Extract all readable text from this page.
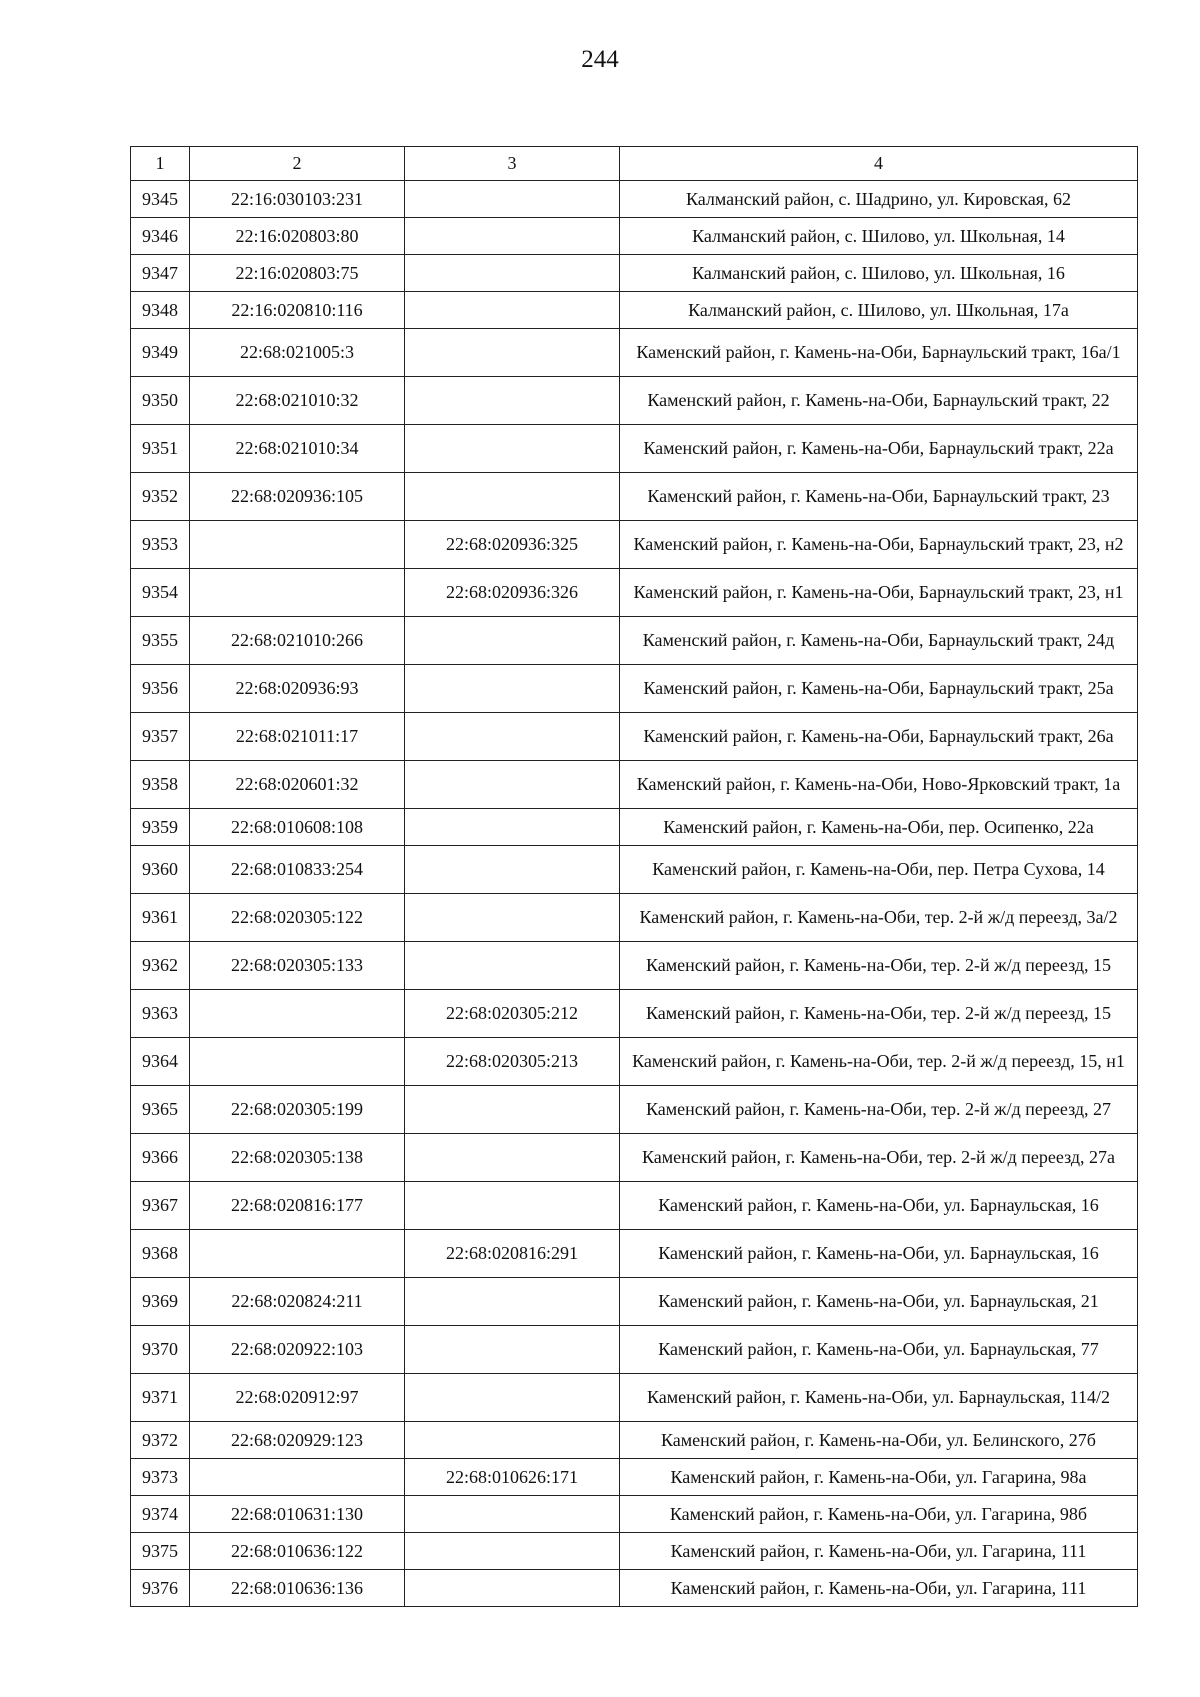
244
1	2	3	4
9345	22:16:030103:231		Калманский район, с. Шадрино, ул. Кировская, 62
9346	22:16:020803:80		Калманский район, с. Шилово, ул. Школьная, 14
9347	22:16:020803:75		Калманский район, с. Шилово, ул. Школьная, 16
9348	22:16:020810:116		Калманский район, с. Шилово, ул. Школьная, 17а
9349	22:68:021005:3		Каменский район, г. Камень-на-Оби, Барнаульский тракт, 16а/1
9350	22:68:021010:32		Каменский район, г. Камень-на-Оби, Барнаульский тракт, 22
9351	22:68:021010:34		Каменский район, г. Камень-на-Оби, Барнаульский тракт, 22а
9352	22:68:020936:105		Каменский район, г. Камень-на-Оби, Барнаульский тракт, 23
9353		22:68:020936:325	Каменский район, г. Камень-на-Оби, Барнаульский тракт, 23, н2
9354		22:68:020936:326	Каменский район, г. Камень-на-Оби, Барнаульский тракт, 23, н1
9355	22:68:021010:266		Каменский район, г. Камень-на-Оби, Барнаульский тракт, 24д
9356	22:68:020936:93		Каменский район, г. Камень-на-Оби, Барнаульский тракт, 25а
9357	22:68:021011:17		Каменский район, г. Камень-на-Оби, Барнаульский тракт, 26а
9358	22:68:020601:32		Каменский район, г. Камень-на-Оби, Ново-Ярковский тракт, 1а
9359	22:68:010608:108		Каменский район, г. Камень-на-Оби, пер. Осипенко, 22а
9360	22:68:010833:254		Каменский район, г. Камень-на-Оби, пер. Петра Сухова, 14
9361	22:68:020305:122		Каменский район, г. Камень-на-Оби, тер. 2-й ж/д переезд, 3а/2
9362	22:68:020305:133		Каменский район, г. Камень-на-Оби, тер. 2-й ж/д переезд, 15
9363		22:68:020305:212	Каменский район, г. Камень-на-Оби, тер. 2-й ж/д переезд, 15
9364		22:68:020305:213	Каменский район, г. Камень-на-Оби, тер. 2-й ж/д переезд, 15, н1
9365	22:68:020305:199		Каменский район, г. Камень-на-Оби, тер. 2-й ж/д переезд, 27
9366	22:68:020305:138		Каменский район, г. Камень-на-Оби, тер. 2-й ж/д переезд, 27а
9367	22:68:020816:177		Каменский район, г. Камень-на-Оби, ул. Барнаульская, 16
9368		22:68:020816:291	Каменский район, г. Камень-на-Оби, ул. Барнаульская, 16
9369	22:68:020824:211		Каменский район, г. Камень-на-Оби, ул. Барнаульская, 21
9370	22:68:020922:103		Каменский район, г. Камень-на-Оби, ул. Барнаульская, 77
9371	22:68:020912:97		Каменский район, г. Камень-на-Оби, ул. Барнаульская, 114/2
9372	22:68:020929:123		Каменский район, г. Камень-на-Оби, ул. Белинского, 27б
9373		22:68:010626:171	Каменский район, г. Камень-на-Оби, ул. Гагарина, 98а
9374	22:68:010631:130		Каменский район, г. Камень-на-Оби, ул. Гагарина, 98б
9375	22:68:010636:122		Каменский район, г. Камень-на-Оби, ул. Гагарина, 111
9376	22:68:010636:136		Каменский район, г. Камень-на-Оби, ул. Гагарина, 111
